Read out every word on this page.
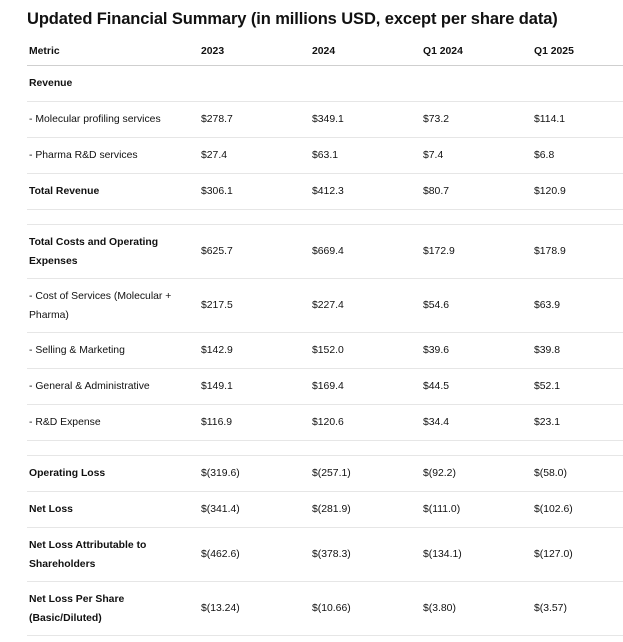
Updated Financial Summary (in millions USD, except per share data)
Metric	2023	2024	Q1 2024	Q1 2025
Revenue				
- Molecular profiling services	$278.7	$349.1	$73.2	$114.1
- Pharma R&D services	$27.4	$63.1	$7.4	$6.8
Total Revenue	$306.1	$412.3	$80.7	$120.9

Total Costs and Operating Expenses	$625.7	$669.4	$172.9	$178.9
- Cost of Services (Molecular + Pharma)	$217.5	$227.4	$54.6	$63.9
- Selling & Marketing	$142.9	$152.0	$39.6	$39.8
- General & Administrative	$149.1	$169.4	$44.5	$52.1
- R&D Expense	$116.9	$120.6	$34.4	$23.1

Operating Loss	$(319.6)	$(257.1)	$(92.2)	$(58.0)
Net Loss	$(341.4)	$(281.9)	$(111.0)	$(102.6)
Net Loss Attributable to Shareholders	$(462.6)	$(378.3)	$(134.1)	$(127.0)
Net Loss Per Share (Basic/Diluted)	$(13.24)	$(10.66)	$(3.80)	$(3.57)
